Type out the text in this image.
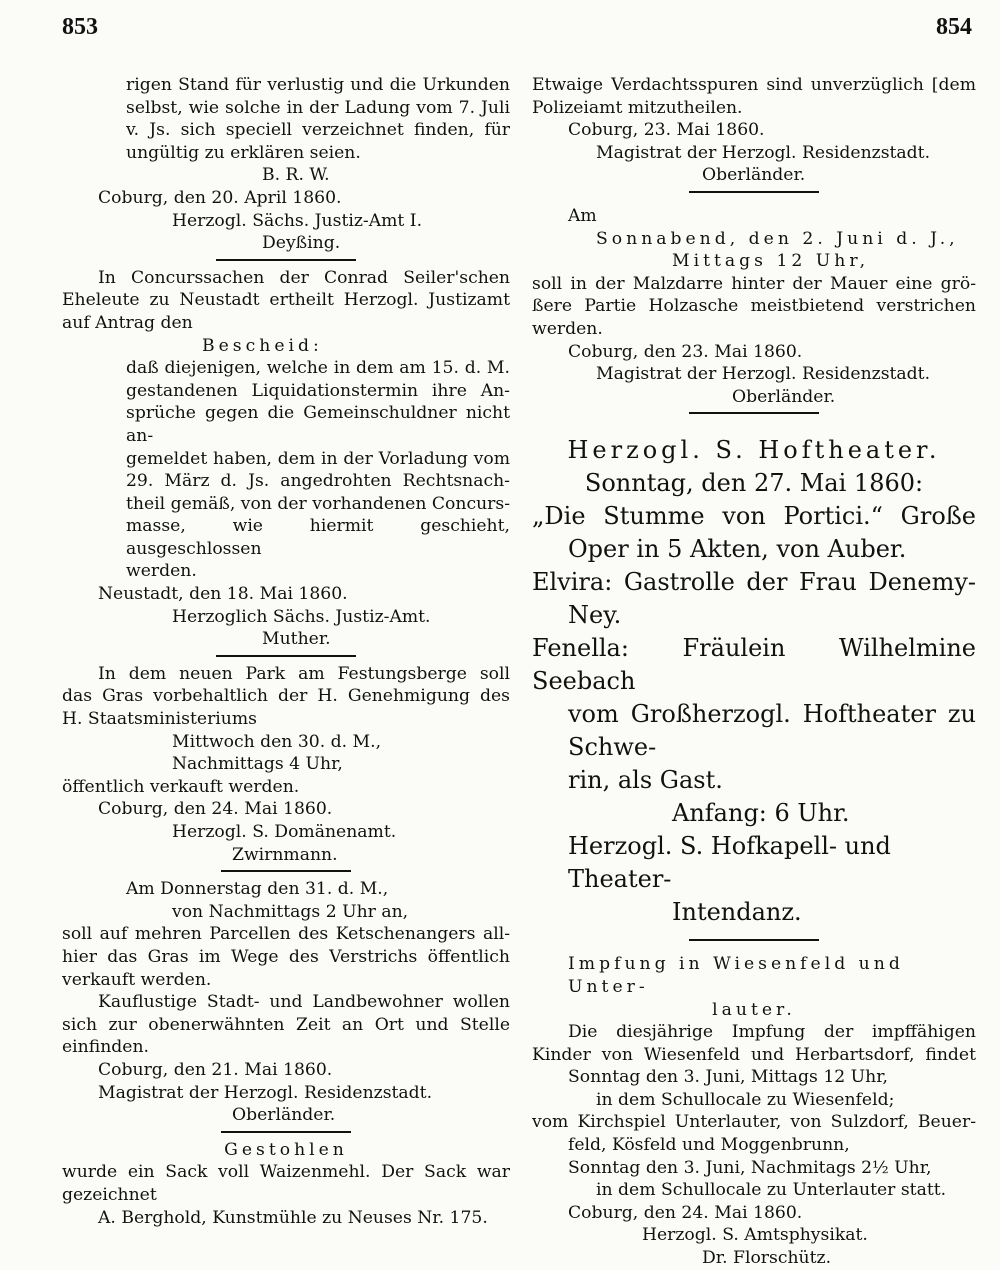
853	854
rigen Stand für verlustig und die Urkunden
selbst, wie solche in der Ladung vom 7. Juli
v. Js. sich speciell verzeichnet finden, für
ungültig zu erklären seien.
B. R. W.
Coburg, den 20. April 1860.
Herzogl. Sächs. Justiz-Amt I.
Deyßing.
In Concurssachen der Conrad Seiler'schen
Eheleute zu Neustadt ertheilt Herzogl. Justizamt
auf Antrag den
Bescheid:
daß diejenigen, welche in dem am 15. d. M.
gestandenen Liquidationstermin ihre An-
sprüche gegen die Gemeinschuldner nicht an-
gemeldet haben, dem in der Vorladung vom
29. März d. Js. angedrohten Rechtsnach-
theil gemäß, von der vorhandenen Concurs-
masse, wie hiermit geschieht, ausgeschlossen
werden.
Neustadt, den 18. Mai 1860.
Herzoglich Sächs. Justiz-Amt.
Muther.
In dem neuen Park am Festungsberge soll
das Gras vorbehaltlich der H. Genehmigung des
H. Staatsministeriums
Mittwoch den 30. d. M.,
Nachmittags 4 Uhr,
öffentlich verkauft werden.
Coburg, den 24. Mai 1860.
Herzogl. S. Domänenamt.
Zwirnmann.
Am Donnerstag den 31. d. M.,
von Nachmittags 2 Uhr an,
soll auf mehren Parcellen des Ketschenangers all-
hier das Gras im Wege des Verstrichs öffentlich
verkauft werden.
Kauflustige Stadt- und Landbewohner wollen
sich zur obenerwähnten Zeit an Ort und Stelle
einfinden.
Coburg, den 21. Mai 1860.
Magistrat der Herzogl. Residenzstadt.
Oberländer.
Gestohlen
wurde ein Sack voll Waizenmehl. Der Sack war
gezeichnet
A. Berghold, Kunstmühle zu Neuses Nr. 175.
Etwaige Verdachtsspuren sind unverzüglich [dem
Polizeiamt mitzutheilen.
Coburg, 23. Mai 1860.
Magistrat der Herzogl. Residenzstadt.
Oberländer.
Am
Sonnabend, den 2. Juni d. J.,
Mittags 12 Uhr,
soll in der Malzdarre hinter der Mauer eine grö-
ßere Partie Holzasche meistbietend verstrichen
werden.
Coburg, den 23. Mai 1860.
Magistrat der Herzogl. Residenzstadt.
Oberländer.
Herzogl. S. Hoftheater.
Sonntag, den 27. Mai 1860:
„Die Stumme von Portici.“ Große
Oper in 5 Akten, von Auber.
Elvira: Gastrolle der Frau Denemy-
Ney.
Fenella: Fräulein Wilhelmine Seebach
vom Großherzogl. Hoftheater zu Schwe-
rin, als Gast.
Anfang: 6 Uhr.
Herzogl. S. Hofkapell- und Theater-
Intendanz.
Impfung in Wiesenfeld und Unter-
lauter.
Die diesjährige Impfung der impffähigen
Kinder von Wiesenfeld und Herbartsdorf, findet
Sonntag den 3. Juni, Mittags 12 Uhr,
in dem Schullocale zu Wiesenfeld;
vom Kirchspiel Unterlauter, von Sulzdorf, Beuer-
feld, Kösfeld und Moggenbrunn,
Sonntag den 3. Juni, Nachmitags 2½ Uhr,
in dem Schullocale zu Unterlauter statt.
Coburg, den 24. Mai 1860.
Herzogl. S. Amtsphysikat.
Dr. Florschütz.
